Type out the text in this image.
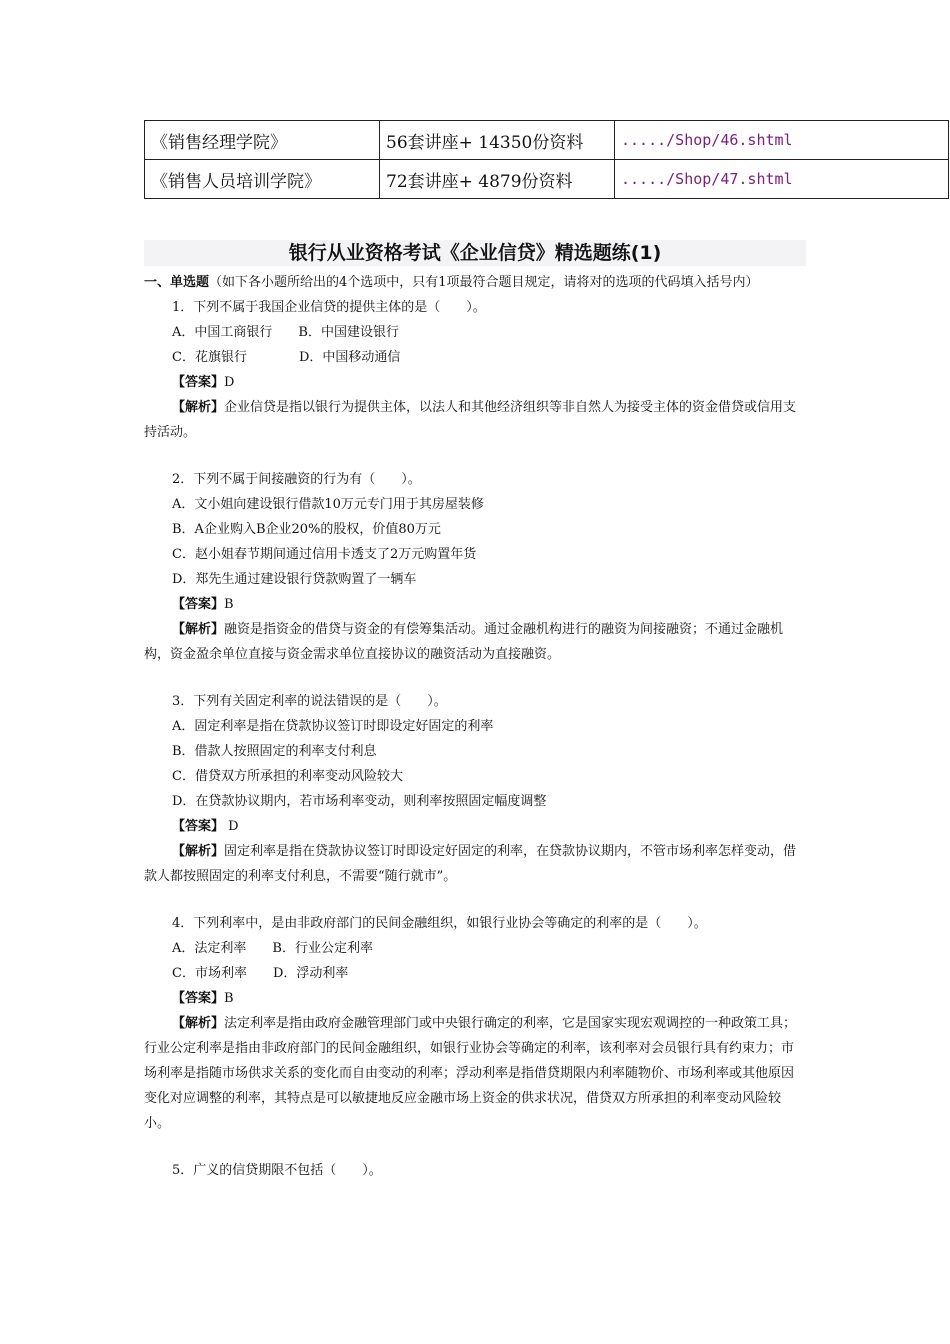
《销售经理学院》	56套讲座+ 14350份资料	...../Shop/46.shtml
《销售人员培训学院》	72套讲座+ 4879份资料	...../Shop/47.shtml
银行从业资格考试《企业信贷》精选题练(1)

一、单选题（如下各小题所给出的4个选项中，只有1项最符合题目规定，请将对的选项的代码填入括号内）

1．下列不属于我国企业信贷的提供主体的是（　　）。

A．中国工商银行　　B．中国建设银行

C．花旗银行　　　　D．中国移动通信

【答案】D

【解析】企业信贷是指以银行为提供主体，以法人和其他经济组织等非自然人为接受主体的资金借贷或信用支持活动。

2．下列不属于间接融资的行为有（　　）。

A．文小姐向建设银行借款10万元专门用于其房屋装修

B．A企业购入B企业20%的股权，价值80万元

C．赵小姐春节期间通过信用卡透支了2万元购置年货

D．郑先生通过建设银行贷款购置了一辆车

【答案】B

【解析】融资是指资金的借贷与资金的有偿筹集活动。通过金融机构进行的融资为间接融资；不通过金融机构，资金盈余单位直接与资金需求单位直接协议的融资活动为直接融资。

3．下列有关固定利率的说法错误的是（　　）。

A．固定利率是指在贷款协议签订时即设定好固定的利率

B．借款人按照固定的利率支付利息

C．借贷双方所承担的利率变动风险较大

D．在贷款协议期内，若市场利率变动，则利率按照固定幅度调整

【答案】 D

【解析】固定利率是指在贷款协议签订时即设定好固定的利率，在贷款协议期内，不管市场利率怎样变动，借款人都按照固定的利率支付利息，不需要“随行就市”。

4．下列利率中，是由非政府部门的民间金融组织，如银行业协会等确定的利率的是（　　）。

A．法定利率　　B．行业公定利率

C．市场利率　　D．浮动利率

【答案】B

【解析】法定利率是指由政府金融管理部门或中央银行确定的利率，它是国家实现宏观调控的一种政策工具；行业公定利率是指由非政府部门的民间金融组织，如银行业协会等确定的利率，该利率对会员银行具有约束力；市场利率是指随市场供求关系的变化而自由变动的利率；浮动利率是指借贷期限内利率随物价、市场利率或其他原因变化对应调整的利率，其特点是可以敏捷地反应金融市场上资金的供求状况，借贷双方所承担的利率变动风险较小。

5．广义的信贷期限不包括（　　）。
